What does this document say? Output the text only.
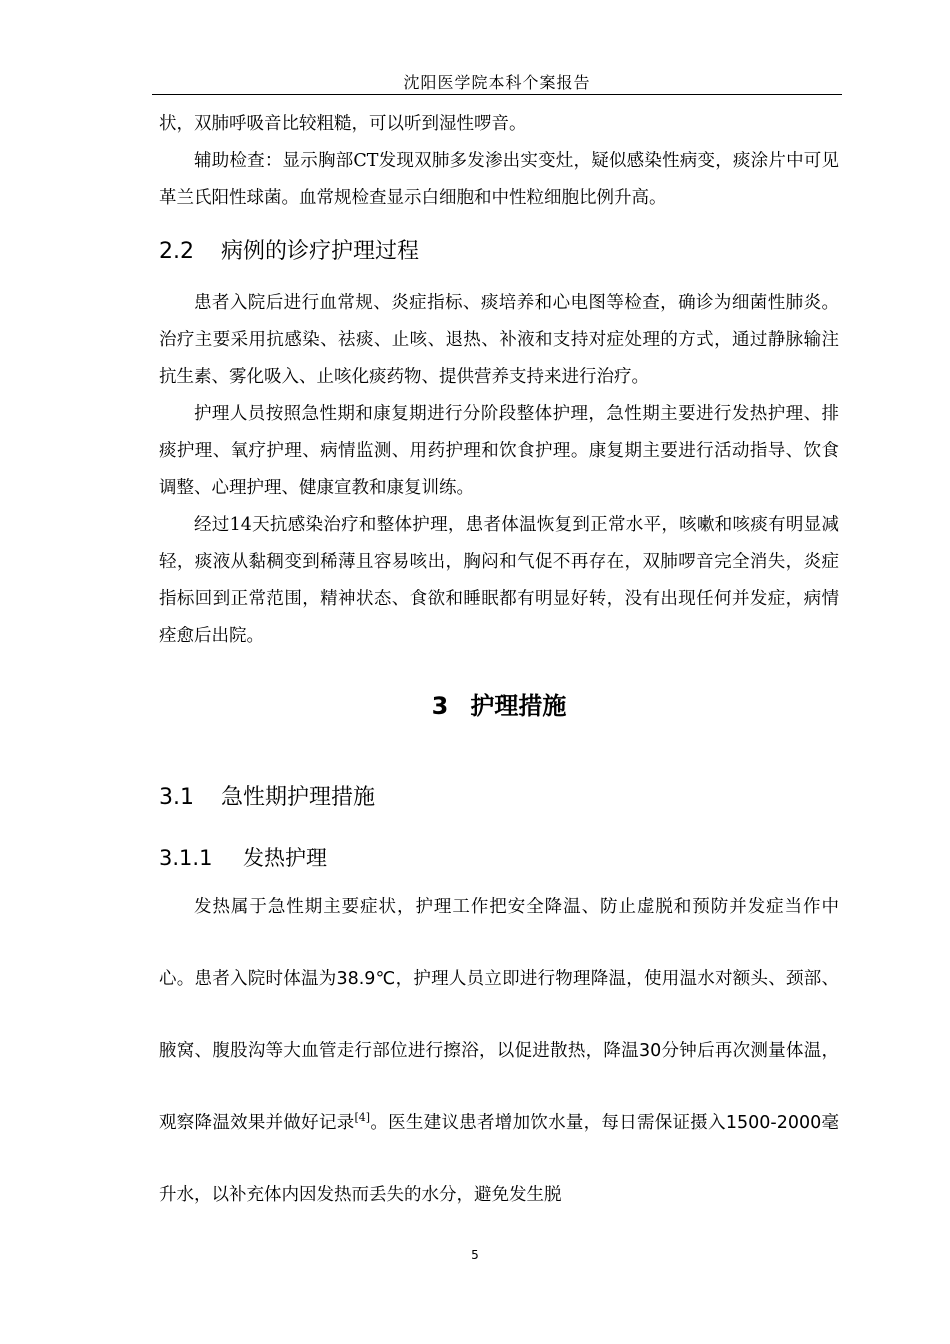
沈阳医学院本科个案报告

状，双肺呼吸音比较粗糙，可以听到湿性啰音。

辅助检查：显示胸部CT发现双肺多发渗出实变灶，疑似感染性病变，痰涂片中可见革兰氏阳性球菌。血常规检查显示白细胞和中性粒细胞比例升高。

2.2 病例的诊疗护理过程

患者入院后进行血常规、炎症指标、痰培养和心电图等检查，确诊为细菌性肺炎。治疗主要采用抗感染、祛痰、止咳、退热、补液和支持对症处理的方式，通过静脉输注抗生素、雾化吸入、止咳化痰药物、提供营养支持来进行治疗。

护理人员按照急性期和康复期进行分阶段整体护理，急性期主要进行发热护理、排痰护理、氧疗护理、病情监测、用药护理和饮食护理。康复期主要进行活动指导、饮食调整、心理护理、健康宣教和康复训练。

经过14天抗感染治疗和整体护理，患者体温恢复到正常水平，咳嗽和咳痰有明显减轻，痰液从黏稠变到稀薄且容易咳出，胸闷和气促不再存在，双肺啰音完全消失，炎症指标回到正常范围，精神状态、食欲和睡眠都有明显好转，没有出现任何并发症，病情痊愈后出院。

3 护理措施
3.1 急性期护理措施
3.1.1 发热护理

发热属于急性期主要症状，护理工作把安全降温、防止虚脱和预防并发症当作中心。患者入院时体温为38.9℃，护理人员立即进行物理降温，使用温水对额头、颈部、腋窝、腹股沟等大血管走行部位进行擦浴，以促进散热，降温30分钟后再次测量体温，观察降温效果并做好记录[4]。医生建议患者增加饮水量，每日需保证摄入1500-2000毫升水，以补充体内因发热而丢失的水分，避免发生脱

5
